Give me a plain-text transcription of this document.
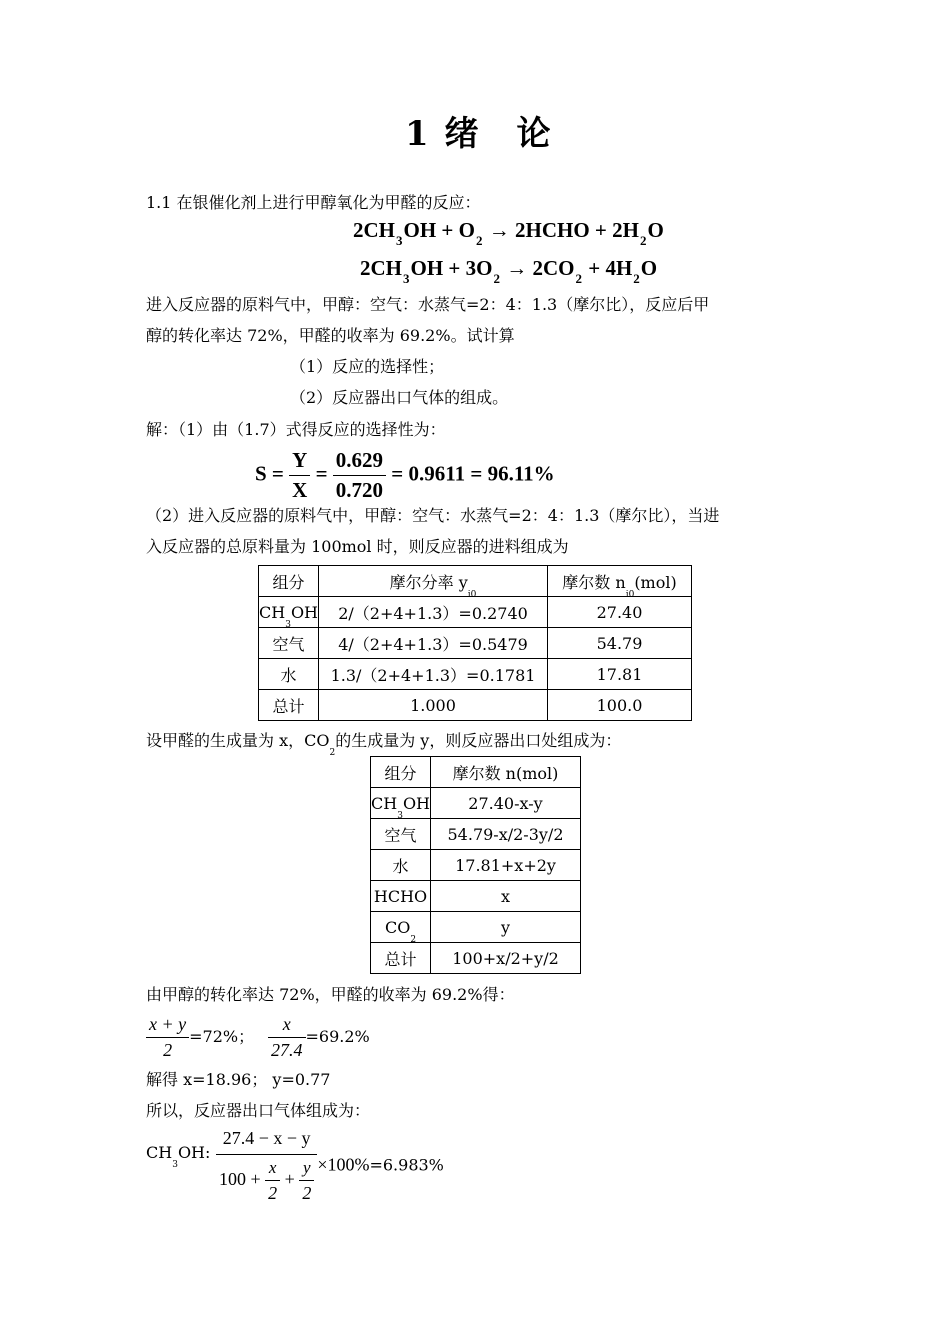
1 绪　论
1.1 在银催化剂上进行甲醇氧化为甲醛的反应：
$2CH_3OH + O_2$ → 2HCHO + $2H_2O$
$2CH_3OH + 3O_2 \to 2CO_2 + 4H_2O$
进入反应器的原料气中，甲醇：空气：水蒸气=2：4：1.3（摩尔比），反应后甲
醇的转化率达 72%，甲醛的收率为 69.2%。试计算
（1）反应的选择性；
（2）反应器出口气体的组成。
解：（1）由（1.7）式得反应的选择性为：
$S = \frac{Y}{X} = \frac{0.629}{0.720} = 0.9611 = 96.11\%$
（2）进入反应器的原料气中，甲醇：空气：水蒸气=2：4：1.3（摩尔比），当进
入反应器的总原料量为 100mol 时，则反应器的进料组成为
组分	摩尔分率 $y_{i0}$	摩尔数 $n_{i0}(mol)$
$CH_3OH$	2/（2+4+1.3）=0.2740	27.40
空气	4/（2+4+1.3）=0.5479	54.79
水	1.3/（2+4+1.3）=0.1781	17.81
总计	1.000	100.0
设甲醛的生成量为 x，$CO_2$的生成量为 y，则反应器出口处组成为：
组分	摩尔数 n(mol)
$CH_3OH$	27.40-x-y
空气	54.79-x/2-3y/2
水	17.81+x+2y
HCHO	x
$CO_2$	y
总计	100+x/2+y/2
由甲醇的转化率达 72%，甲醛的收率为 69.2%得：
$\frac{x + y}{2} =72\%$； $\frac{x}{27.4} =69.2\%$
解得 x=18.96； y=0.77
所以，反应器出口气体组成为：
$CH_3OH$: $\frac{27.4 - x - y}{100 + \frac{x}{2} + \frac{y}{2}} \times 100\%=6.983\%$
